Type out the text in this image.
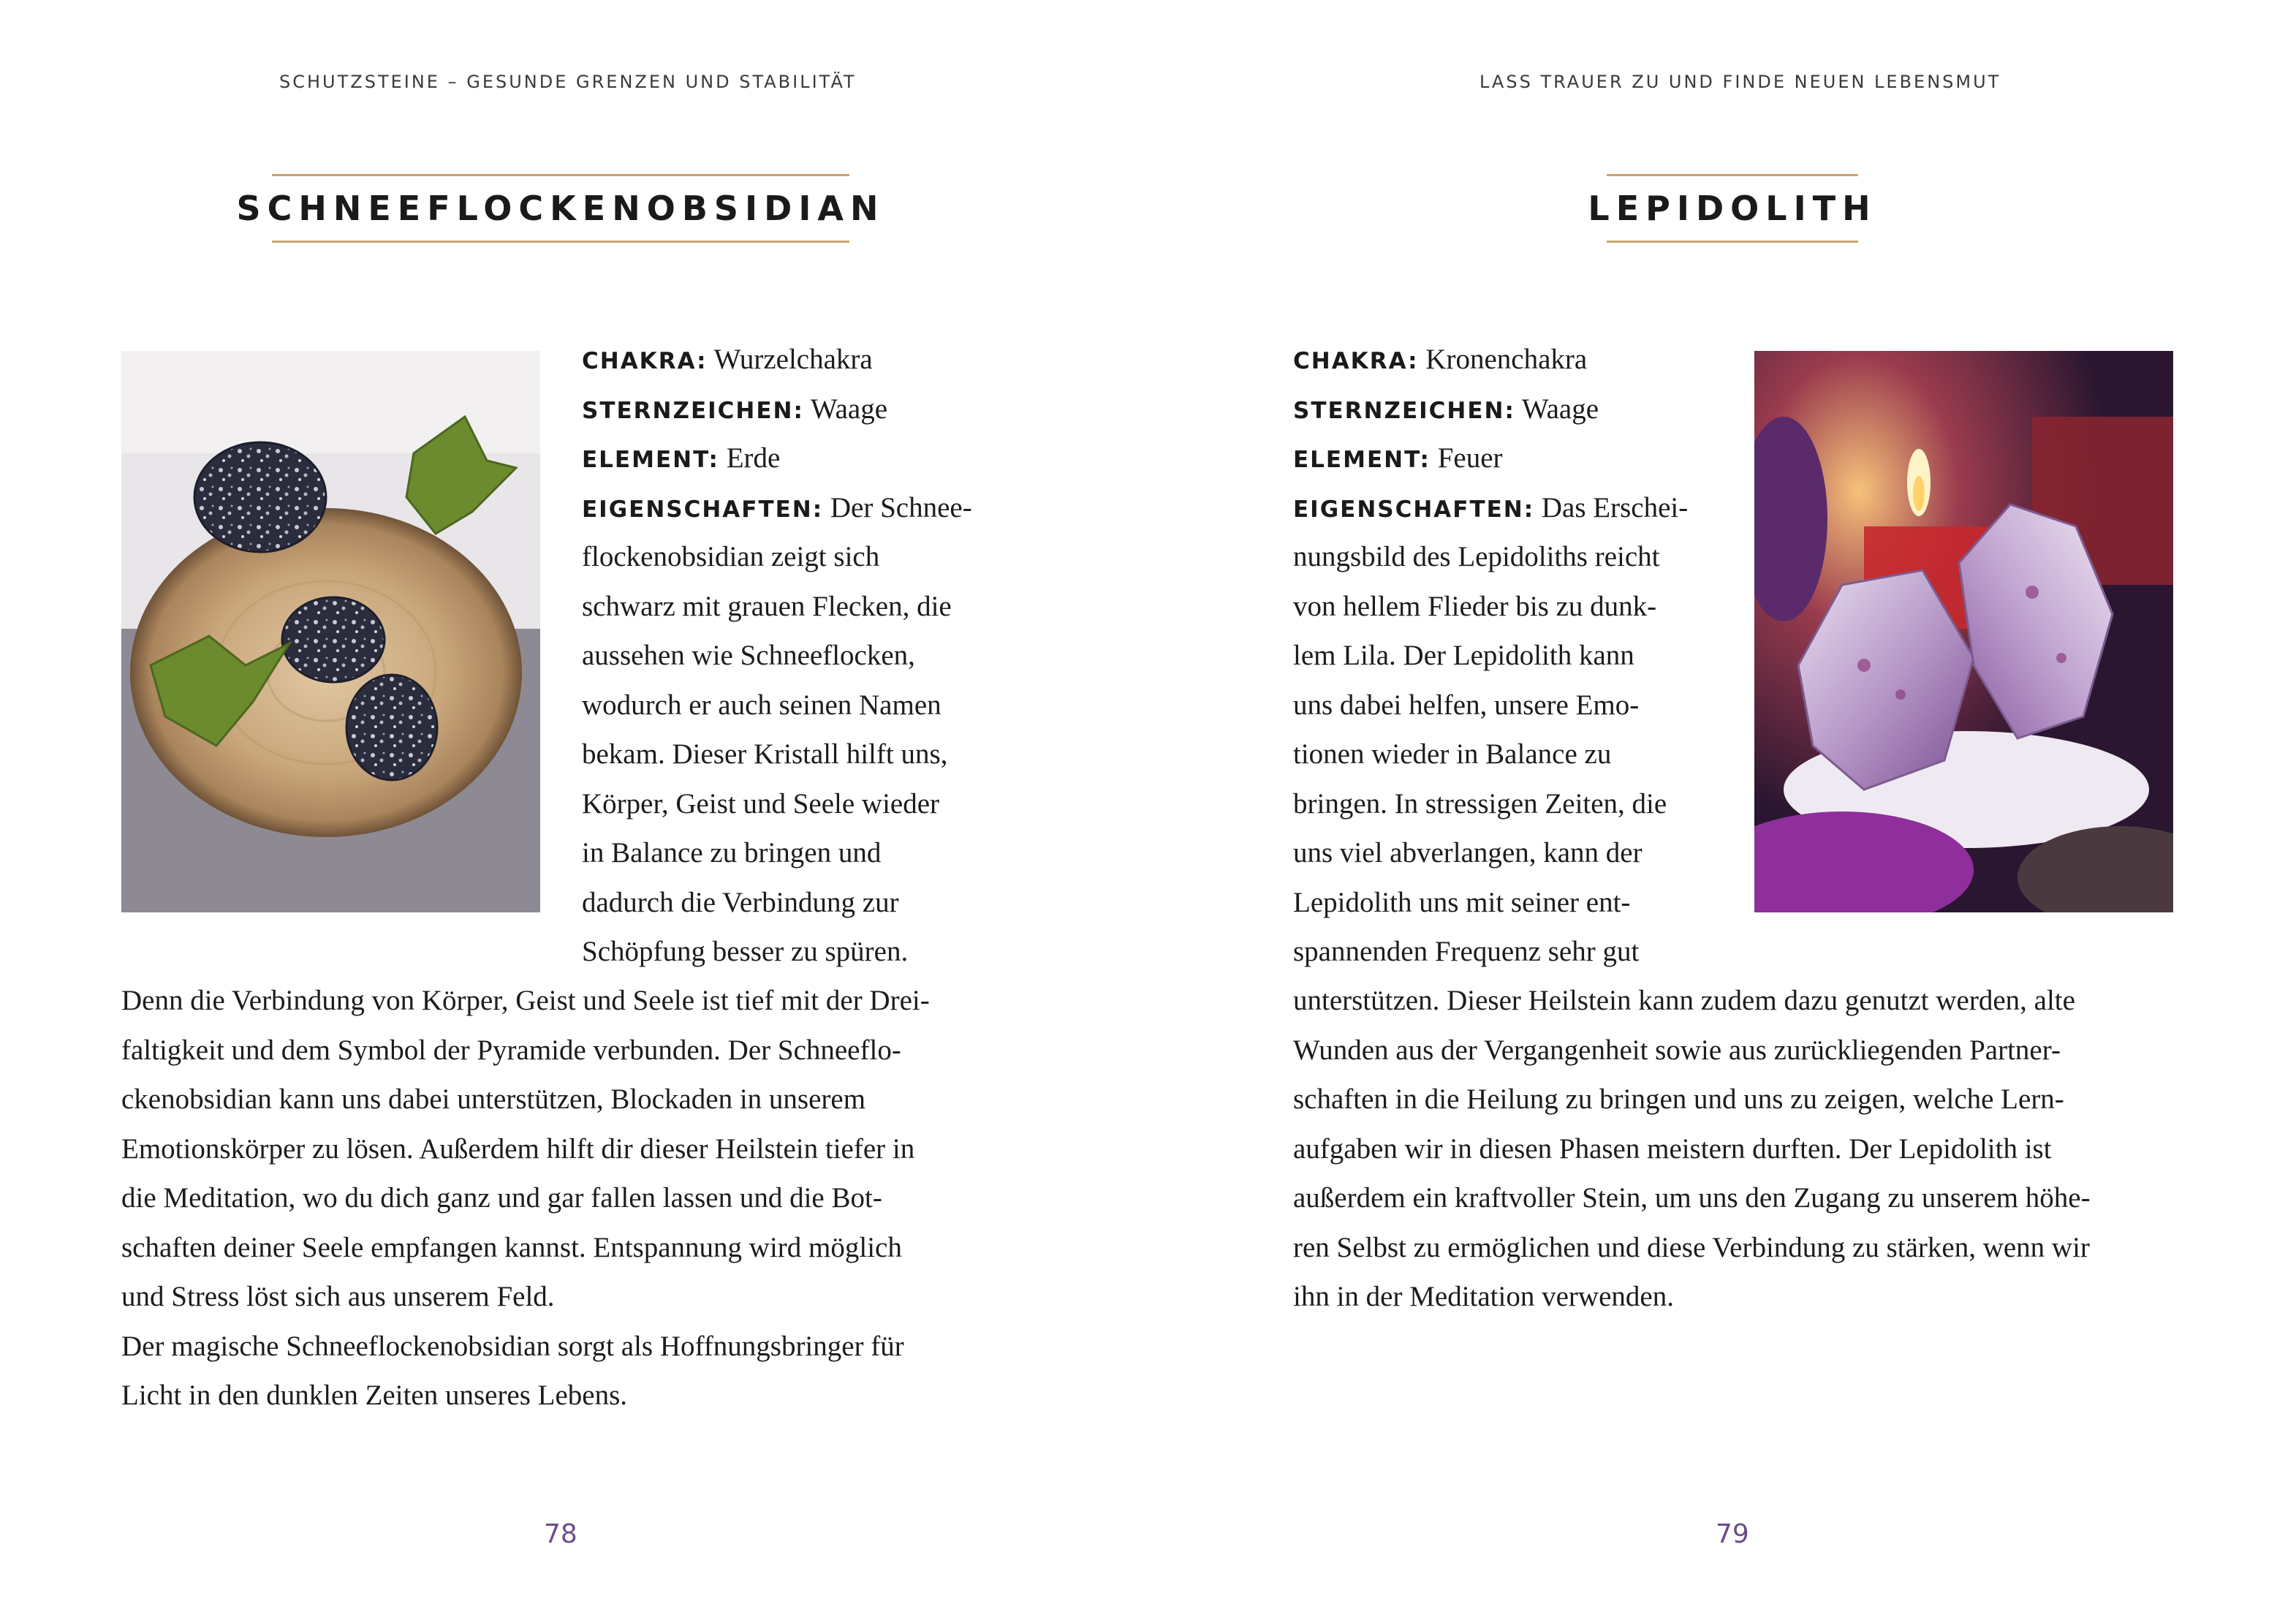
SCHUTZSTEINE – GESUNDE GRENZEN UND STABILITÄT
SCHNEEFLOCKENOBSIDIAN
CHAKRA: Wurzelchakra
STERNZEICHEN: Waage
ELEMENT: Erde
EIGENSCHAFTEN: Der Schnee-
flockenobsidian zeigt sich
schwarz mit grauen Flecken, die
aussehen wie Schneeflocken,
wodurch er auch seinen Namen
bekam. Dieser Kristall hilft uns,
Körper, Geist und Seele wieder
in Balance zu bringen und
dadurch die Verbindung zur
Schöpfung besser zu spüren.
Denn die Verbindung von Körper, Geist und Seele ist tief mit der Drei-
faltigkeit und dem Symbol der Pyramide verbunden. Der Schneeflo-
ckenobsidian kann uns dabei unterstützen, Blockaden in unserem
Emotionskörper zu lösen. Außerdem hilft dir dieser Heilstein tiefer in
die Meditation, wo du dich ganz und gar fallen lassen und die Bot-
schaften deiner Seele empfangen kannst. Entspannung wird möglich
und Stress löst sich aus unserem Feld.
Der magische Schneeflockenobsidian sorgt als Hoffnungsbringer für
Licht in den dunklen Zeiten unseres Lebens.
78
LASS TRAUER ZU UND FINDE NEUEN LEBENSMUT
LEPIDOLITH
CHAKRA: Kronenchakra
STERNZEICHEN: Waage
ELEMENT: Feuer
EIGENSCHAFTEN: Das Erschei-
nungsbild des Lepidoliths reicht
von hellem Flieder bis zu dunk-
lem Lila. Der Lepidolith kann
uns dabei helfen, unsere Emo-
tionen wieder in Balance zu
bringen. In stressigen Zeiten, die
uns viel abverlangen, kann der
Lepidolith uns mit seiner ent-
spannenden Frequenz sehr gut
unterstützen. Dieser Heilstein kann zudem dazu genutzt werden, alte
Wunden aus der Vergangenheit sowie aus zurückliegenden Partner-
schaften in die Heilung zu bringen und uns zu zeigen, welche Lern-
aufgaben wir in diesen Phasen meistern durften. Der Lepidolith ist
außerdem ein kraftvoller Stein, um uns den Zugang zu unserem höhe-
ren Selbst zu ermöglichen und diese Verbindung zu stärken, wenn wir
ihn in der Meditation verwenden.
79
